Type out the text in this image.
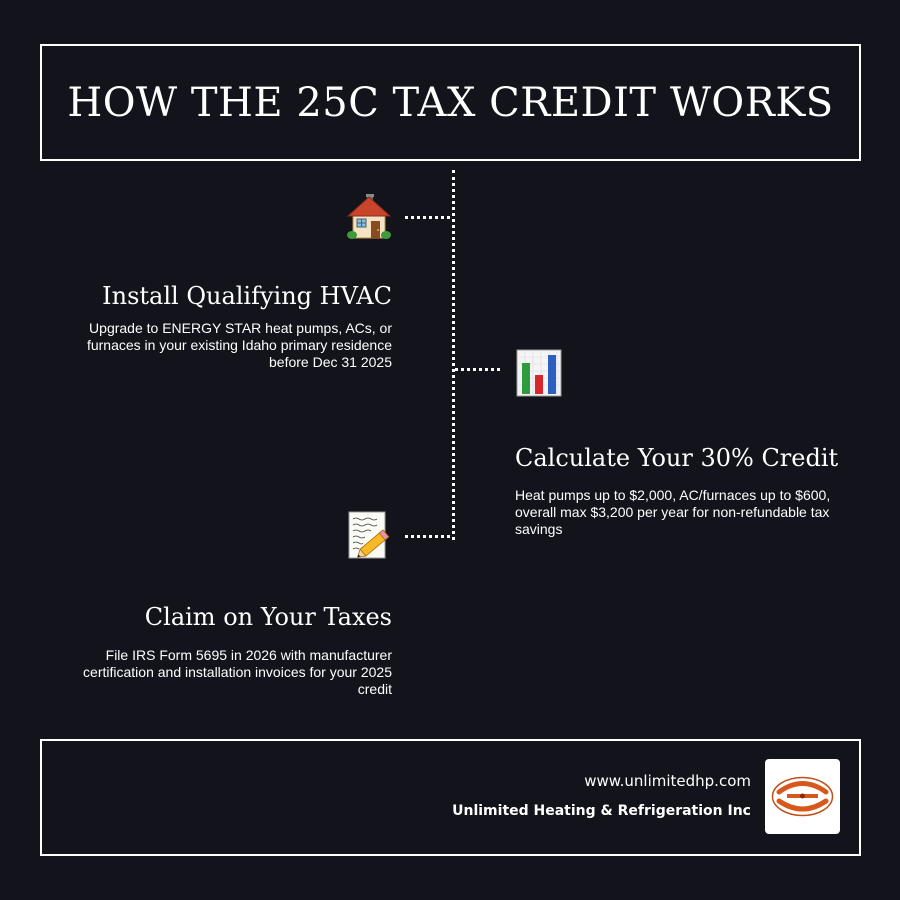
HOW THE 25C TAX CREDIT WORKS
Install Qualifying HVAC

Upgrade to ENERGY STAR heat pumps, ACs, or furnaces in your existing Idaho primary residence before Dec 31 2025

Calculate Your 30% Credit

Heat pumps up to $2,000, AC/furnaces up to $600, overall max $3,200 per year for non-refundable tax savings

Claim on Your Taxes

File IRS Form 5695 in 2026 with manufacturer certification and installation invoices for your 2025 credit

www.unlimitedhp.com
Unlimited Heating & Refrigeration Inc
